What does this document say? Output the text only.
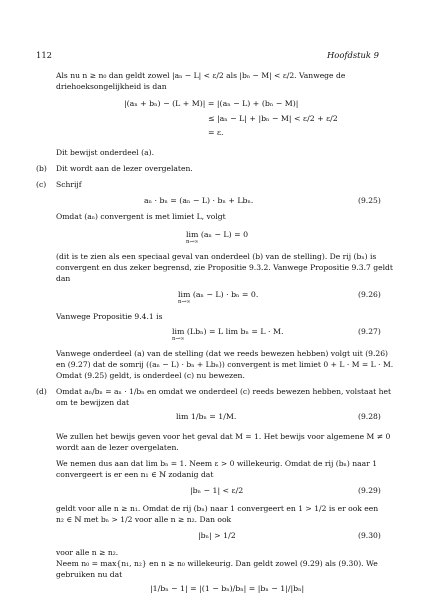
112	Hoofdstuk 9
Als nu n ≥ n₀ dan geldt zowel |aₙ − L| < ε/2 als |bₙ − M| < ε/2. Vanwege de
driehoeksongelijkheid is dan
|(aₙ + bₙ) − (L + M)| = |(aₙ − L) + (bₙ − M)|
≤ |aₙ − L| + |bₙ − M| < ε/2 + ε/2
= ε.
Dit bewijst onderdeel (a).
(b) Dit wordt aan de lezer overgelaten.
(c) Schrijf
aₙ · bₙ = (aₙ − L) · bₙ + Lbₙ.	(9.25)
Omdat (aₙ) convergent is met limiet L, volgt
lim (aₙ − L) = 0
n→∞
(dit is te zien als een speciaal geval van onderdeel (b) van de stelling). De rij (bₙ) is
convergent en dus zeker begrensd, zie Propositie 9.3.2. Vanwege Propositie 9.3.7 geldt
dan
lim (aₙ − L) · bₙ = 0.
n→∞
(9.26)
Vanwege Propositie 9.4.1 is
lim (Lbₙ) = L lim bₙ = L · M.
n→∞
(9.27)
Vanwege onderdeel (a) van de stelling (dat we reeds bewezen hebben) volgt uit (9.26)
en (9.27) dat de somrij ((aₙ − L) · bₙ + Lbₙ)) convergent is met limiet 0 + L · M = L · M.
Omdat (9.25) geldt, is onderdeel (c) nu bewezen.
(d) Omdat aₙ/bₙ = aₙ · 1/bₙ en omdat we onderdeel (c) reeds bewezen hebben, volstaat het
om te bewijzen dat
lim 1/bₙ = 1/M.	(9.28)
We zullen het bewijs geven voor het geval dat M = 1. Het bewijs voor algemene M ≠ 0
wordt aan de lezer overgelaten.
We nemen dus aan dat lim bₙ = 1. Neem ε > 0 willekeurig. Omdat de rij (bₙ) naar 1
convergeert is er een n₁ ∈ ℕ zodanig dat
|bₙ − 1| < ε/2	(9.29)
geldt voor alle n ≥ n₁. Omdat de rij (bₙ) naar 1 convergeert en 1 > 1/2 is er ook een
n₂ ∈ ℕ met bₙ > 1/2 voor alle n ≥ n₂. Dan ook
|bₙ| > 1/2	(9.30)
voor alle n ≥ n₂.
Neem n₀ = max{n₁, n₂} en n ≥ n₀ willekeurig. Dan geldt zowel (9.29) als (9.30). We
gebruiken nu dat
|1/bₙ − 1| = |(1 − bₙ)/bₙ| = |bₙ − 1|/|bₙ|
